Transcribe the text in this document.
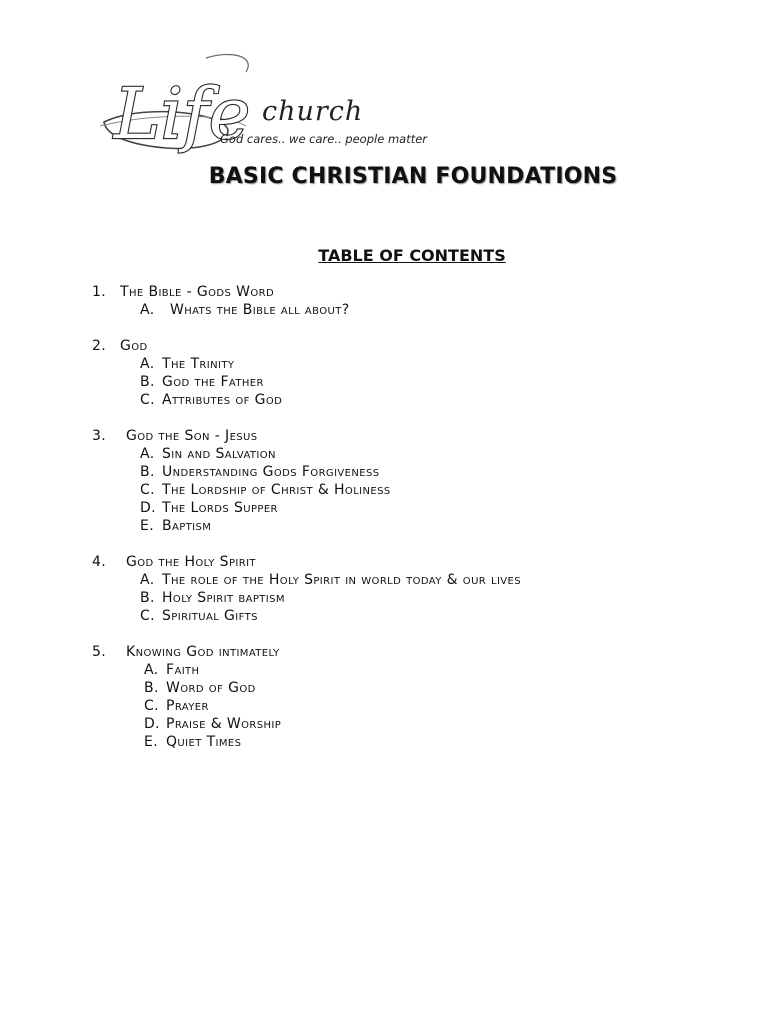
Life church
God cares.. we care.. people matter
BASIC CHRISTIAN FOUNDATIONS
TABLE OF CONTENTS
1. The Bible - Gods Word
A. Whats the Bible all about?
2. God
A. The Trinity
B. God the Father
C. Attributes of God
3. God the Son - Jesus
A. Sin and Salvation
B. Understanding Gods Forgiveness
C. The Lordship of Christ & Holiness
D. The Lords Supper
E. Baptism
4. God the Holy Spirit
A. The role of the Holy Spirit in world today & our lives
B. Holy Spirit baptism
C. Spiritual Gifts
5. Knowing God intimately
A. Faith
B. Word of God
C. Prayer
D. Praise & Worship
E. Quiet Times
